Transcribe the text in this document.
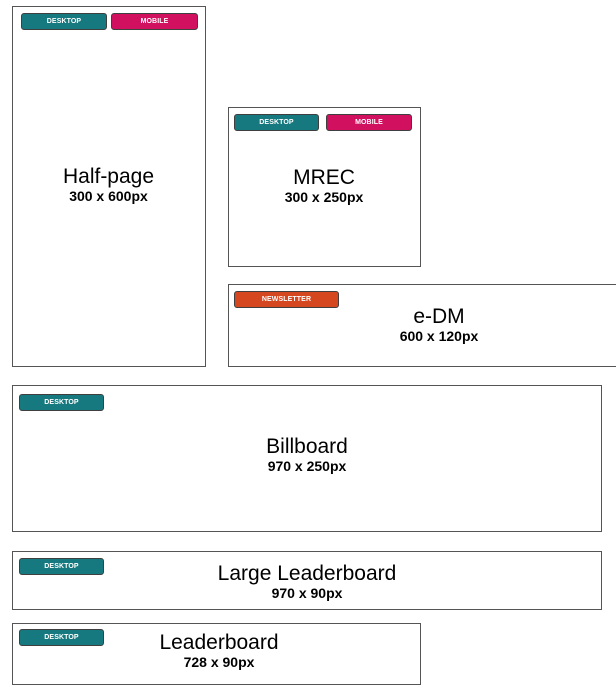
DESKTOP	MOBILE
Half-page
300 x 600px
DESKTOP	MOBILE
MREC
300 x 250px
NEWSLETTER
e-DM
600 x 120px
DESKTOP
Billboard
970 x 250px
DESKTOP	Large Leaderboard
970 x 90px
DESKTOP	Leaderboard
728 x 90px
